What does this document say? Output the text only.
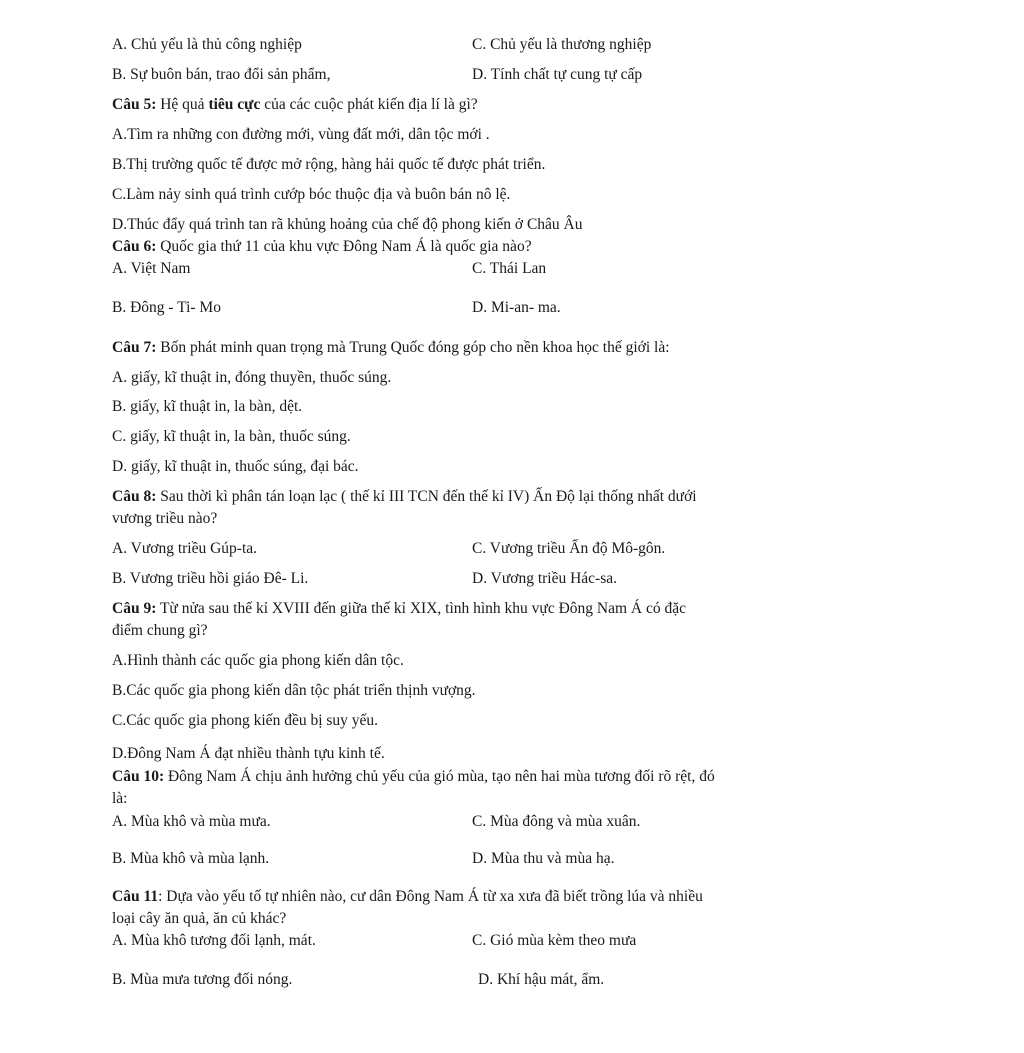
A. Chủ yếu là thủ công nghiệp	C. Chủ yếu là thương nghiệp
B. Sự buôn bán, trao đổi sản phẩm,	D. Tính chất tự cung tự cấp
Câu 5: Hệ quả tiêu cực của các cuộc phát kiến địa lí là gì?
A.Tìm ra những con đường mới, vùng đất mới, dân tộc mới .
B.Thị trường quốc tế được mở rộng, hàng hải quốc tế được phát triển.
C.Làm nảy sinh quá trình cướp bóc thuộc địa và buôn bán nô lệ.
D.Thúc đẩy quá trình tan rã khủng hoảng của chế độ phong kiến ở Châu Âu
Câu 6: Quốc gia thứ 11 của khu vực Đông Nam Á là quốc gia nào?
A. Việt Nam	C. Thái Lan
B. Đông - Ti- Mo	D. Mi-an- ma.
Câu 7: Bốn phát minh quan trọng mà Trung Quốc đóng góp cho nền khoa học thế giới là:
A. giấy, kĩ thuật in, đóng thuyền, thuốc súng.
B. giấy, kĩ thuật in, la bàn, dệt.
C. giấy, kĩ thuật in, la bàn, thuốc súng.
D. giấy, kĩ thuật in, thuốc súng, đại bác.
Câu 8: Sau thời kì phân tán loạn lạc ( thế kỉ III TCN đến thế kỉ IV) Ấn Độ lại thống nhất dưới
vương triều nào?
A. Vương triều Gúp-ta.	C. Vương triều Ấn độ Mô-gôn.
B. Vương triều hồi giáo Đê- Li.	D. Vương triều Hác-sa.
Câu 9: Từ nửa sau thế kỉ XVIII đến giữa thế kỉ XIX, tình hình khu vực Đông Nam Á có đặc
điểm chung gì?
A.Hình thành các quốc gia phong kiến dân tộc.
B.Các quốc gia phong kiến dân tộc phát triển thịnh vượng.
C.Các quốc gia phong kiến đều bị suy yếu.
D.Đông Nam Á đạt nhiều thành tựu kinh tế.
Câu 10: Đông Nam Á chịu ảnh hưởng chủ yếu của gió mùa, tạo nên hai mùa tương đối rõ rệt, đó
là:
A. Mùa khô và mùa mưa.	C. Mùa đông và mùa xuân.
B. Mùa khô và mùa lạnh.	D. Mùa thu và mùa hạ.
Câu 11: Dựa vào yếu tố tự nhiên nào, cư dân Đông Nam Á từ xa xưa đã biết trồng lúa và nhiều
loại cây ăn quả, ăn củ khác?
A. Mùa khô tương đối lạnh, mát.	C. Gió mùa kèm theo mưa
B. Mùa mưa tương đối nóng.	D. Khí hậu mát, ẩm.
